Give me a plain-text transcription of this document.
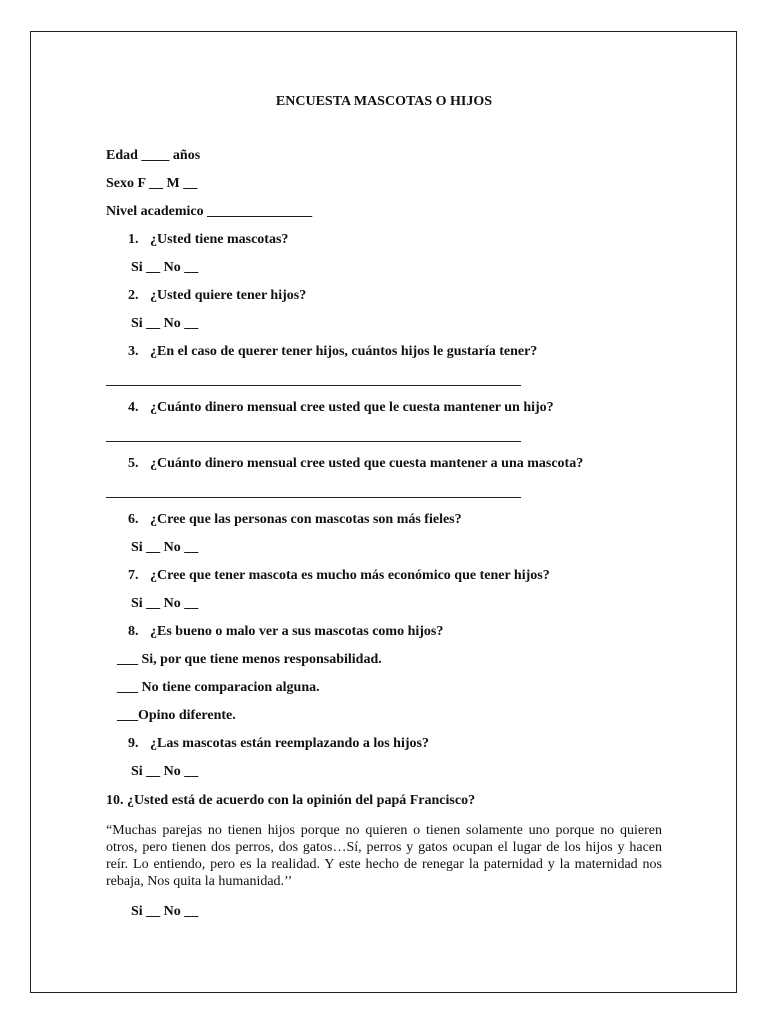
ENCUESTA MASCOTAS O HIJOS
Edad ____ años
Sexo F __ M __
Nivel academico _______________
1. ¿Usted tiene mascotas?
Si __ No __
2. ¿Usted quiere tener hijos?
Si __ No __
3. ¿En el caso de querer tener hijos, cuántos hijos le gustaría tener?
4. ¿Cuánto dinero mensual cree usted que le cuesta mantener un hijo?
5. ¿Cuánto dinero mensual cree usted que cuesta mantener a una mascota?
6. ¿Cree que las personas con mascotas son más fieles?
Si __ No __
7. ¿Cree que tener mascota es mucho más económico que tener hijos?
Si __ No __
8. ¿Es bueno o malo ver a sus mascotas como hijos?
___ Si, por que tiene menos responsabilidad.
___ No tiene comparacion alguna.
___Opino diferente.
9. ¿Las mascotas están reemplazando a los hijos?
Si __ No __
10. ¿Usted está de acuerdo con la opinión del papá Francisco?
“Muchas parejas no tienen hijos porque no quieren o tienen solamente uno porque no quieren otros, pero tienen dos perros, dos gatos…Sí, perros y gatos ocupan el lugar de los hijos y hacen reír. Lo entiendo, pero es la realidad. Y este hecho de renegar la paternidad y la maternidad nos rebaja, Nos quita la humanidad.’’
Si __ No __
